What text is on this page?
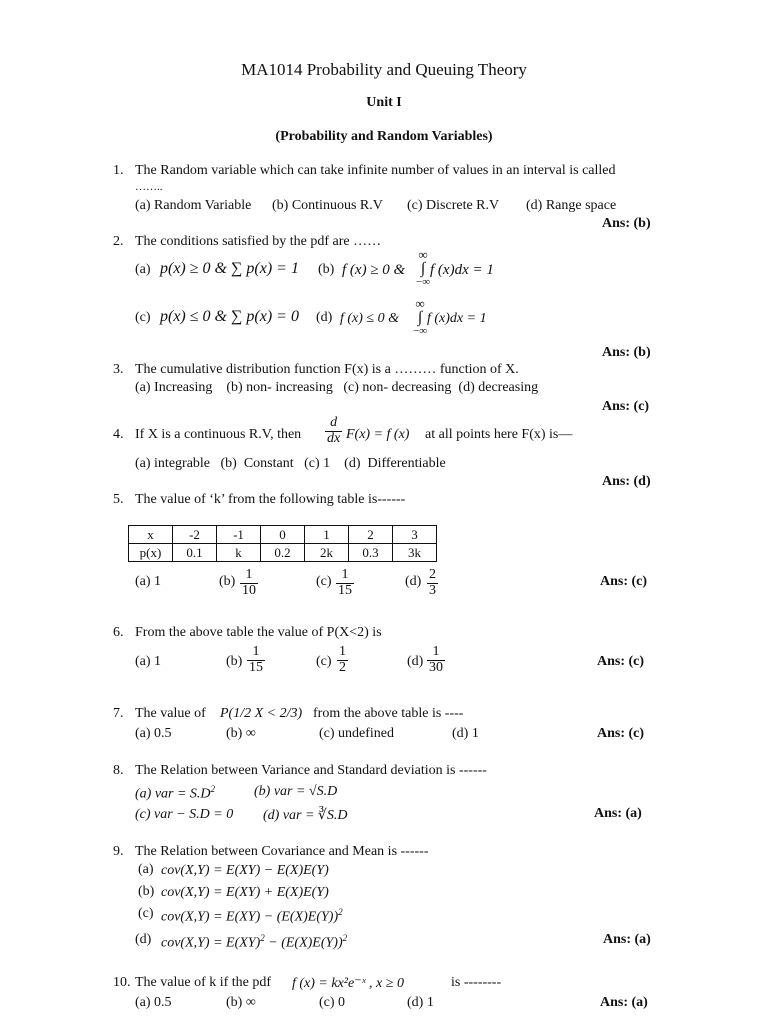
MA1014 Probability and Queuing Theory
Unit I
(Probability and Random Variables)
1. The Random variable which can take infinite number of values in an interval is called
……..
(a) Random Variable (b) Continuous R.V (c) Discrete R.V (d) Range space
Ans: (b)
2. The conditions satisfied by the pdf are ……
(a) p(x) ≥ 0 & ∑ p(x) = 1 (b) f (x) ≥ 0 &
∞
∫
−∞
f (x)dx = 1
(c) p(x) ≤ 0 & ∑ p(x) = 0 (d) f (x) ≤ 0 &
∞
∫
−∞
f (x)dx = 1
Ans: (b)
3. The cumulative distribution function F(x) is a ……… function of X.
(a) Increasing    (b) non- increasing   (c) non- decreasing  (d) decreasing
Ans: (c)
4. If X is a continuous R.V, then $\frac{d}{dx} F(x) = f$ (x) at all points here F(x) is—
(a) integrable   (b)  Constant   (c) 1    (d)  Differentiable
Ans: (d)
5. The value of ‘k’ from the following table is------
x	-2	-1	0	1	2	3
p(x)	0.1	k	0.2	2k	0.3	3k
(a) 1	$(b) \frac{1}{10}$	$(c) \frac{1}{15}$	$(d) \frac{2}{3}$	Ans: (c)
6. From the above table the value of P(X<2) is
(a) 1	$(b) \frac{1}{15}$	$(c) \frac{1}{2}$	$(d) \frac{1}{30}$	Ans: (c)
7. The value of P(1/2 X < 2/3) from the above table is ----
(a) 0.5	(b) ∞	(c) undefined	(d) 1	Ans: (c)
8. The Relation between Variance and Standard deviation is ------
(a) var = $S.D^2$	(b) var = √S.D
(c) var − S.D = 0 (d) var = ∛S.D	Ans: (a)
9. The Relation between Covariance and Mean is ------
(a) cov(X,Y) = E(XY) − E(X)E(Y)
(b) cov(X,Y) = E(XY) + E(X)E(Y)
(c) $cov(X,Y) = E(XY) - (E(X)E(Y))^2$
(d) $cov(X,Y) = E(XY)^2 - (E(X)E(Y))^2$	Ans: (a)
10. The value of k if the pdf f (x) = kx²e⁻ˣ , x ≥ 0	is --------
(a) 0.5	(b) ∞	(c) 0	(d) 1	Ans: (a)
